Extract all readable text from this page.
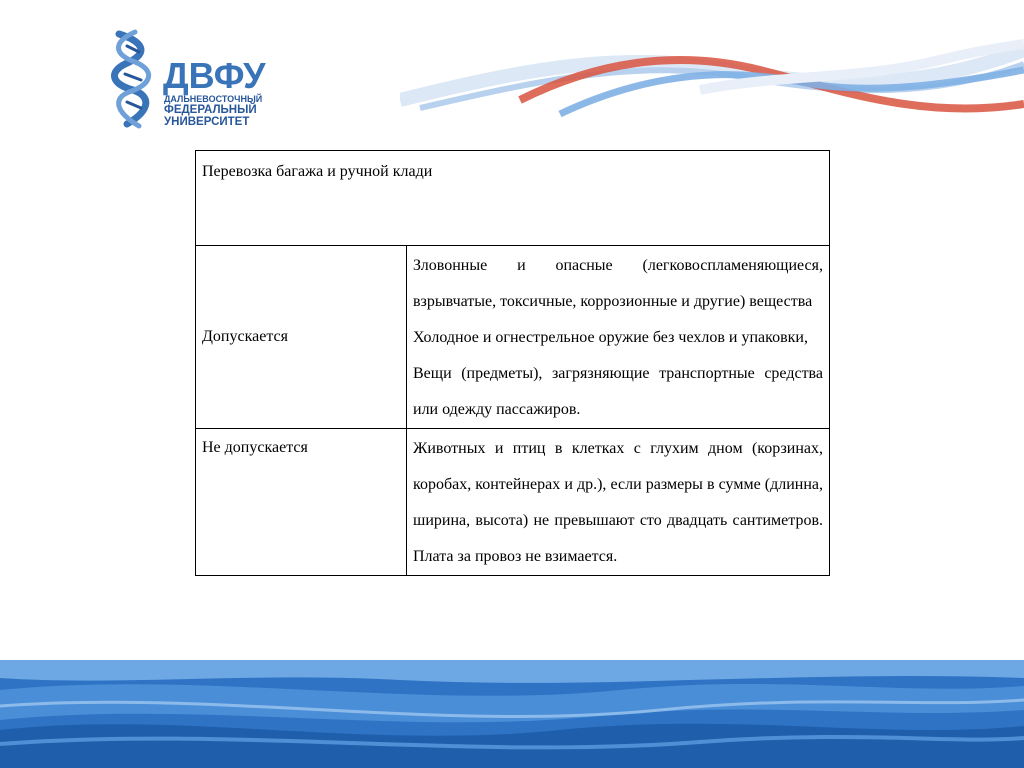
ДВФУ
ДАЛЬНЕВОСТОЧНЫЙ
ФЕДЕРАЛЬНЫЙ
УНИВЕРСИТЕТ
Перевозка багажа и ручной клади	
Допускается	Зловонные и опасные (легковоспламеняющиеся, взрывчатые, токсичные, коррозионные и другие) вещества

Холодное и огнестрельное оружие без чехлов и упаковки,

Вещи (предметы), загрязняющие транспортные средства или одежду пассажиров.

Не допускается	Животных и птиц в клетках с глухим дном (корзинах, коробах, контейнерах и др.), если размеры в сумме (длинна, ширина, высота) не превышают сто двадцать сантиметров. Плата за провоз не взимается.
